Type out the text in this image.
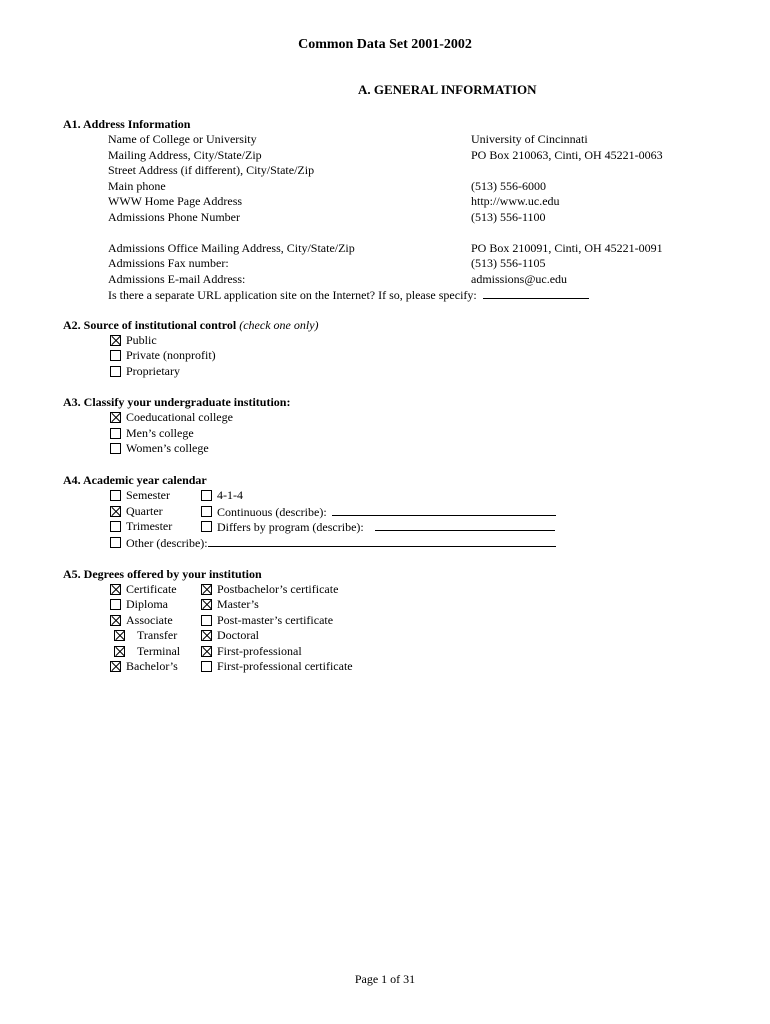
Common Data Set 2001-2002
A. GENERAL INFORMATION
A1. Address Information
Name of College or University	University of Cincinnati
Mailing Address, City/State/Zip	PO Box 210063, Cinti, OH 45221-0063
Street Address (if different), City/State/Zip
Main phone	(513) 556-6000
WWW Home Page Address	http://www.uc.edu
Admissions Phone Number	(513) 556-1100
Admissions Office Mailing Address, City/State/Zip	PO Box 210091, Cinti, OH 45221-0091
Admissions Fax number:	(513) 556-1105
Admissions E-mail Address:	admissions@uc.edu
Is there a separate URL application site on the Internet? If so, please specify:
A2. Source of institutional control (check one only)
Public
Private (nonprofit)
Proprietary
A3. Classify your undergraduate institution:
Coeducational college
Men’s college
Women’s college
A4. Academic year calendar
Semester
Quarter
Trimester
Other (describe):
4-1-4
Continuous (describe):
Differs by program (describe):
A5. Degrees offered by your institution
Certificate
Diploma
Associate
Transfer
Terminal
Bachelor’s
Postbachelor’s certificate
Master’s
Post-master’s certificate
Doctoral
First-professional
First-professional certificate
Page 1 of 31
